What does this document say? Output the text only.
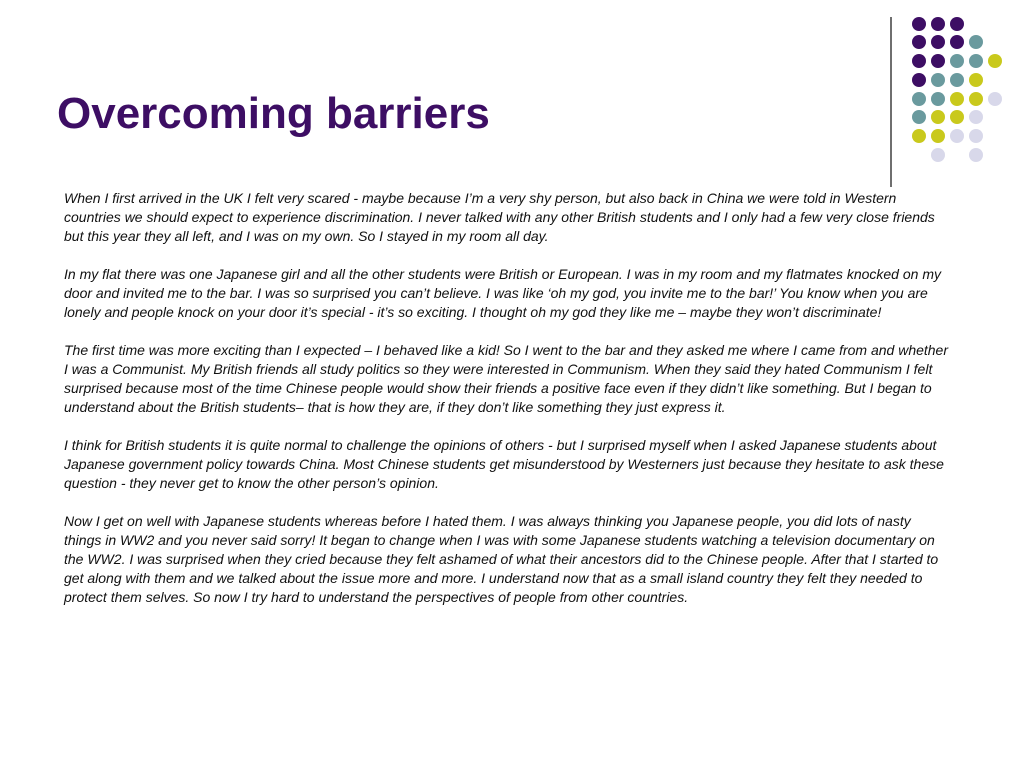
Overcoming barriers

When I first arrived in the UK I felt very scared - maybe because I’m a very shy person, but also back in China we were told in Western countries we should expect to experience discrimination. I never talked with any other British students and I only had a few very close friends but this year they all left, and I was on my own. So I stayed in my room all day.

In my flat there was one Japanese girl and all the other students were British or European. I was in my room and my flatmates knocked on my door and invited me to the bar. I was so surprised you can’t believe. I was like ‘oh my god, you invite me to the bar!’ You know when you are lonely and people knock on your door it’s special - it’s so exciting. I thought oh my god they like me – maybe they won’t discriminate!

The first time was more exciting than I expected – I behaved like a kid! So I went to the bar and they asked me where I came from and whether I was a Communist. My British friends all study politics so they were interested in Communism. When they said they hated Communism I felt surprised because most of the time Chinese people would show their friends a positive face even if they didn’t like something. But I began to understand about the British students– that is how they are, if they don’t like something they just express it.

I think for British students it is quite normal to challenge the opinions of others - but I surprised myself when I asked Japanese students about Japanese government policy towards China. Most Chinese students get misunderstood by Westerners just because they hesitate to ask these question - they never get to know the other person’s opinion.

Now I get on well with Japanese students whereas before I hated them. I was always thinking you Japanese people, you did lots of nasty things in WW2 and you never said sorry! It began to change when I was with some Japanese students watching a television documentary on the WW2. I was surprised when they cried because they felt ashamed of what their ancestors did to the Chinese people. After that I started to get along with them and we talked about the issue more and more. I understand now that as a small island country they felt they needed to protect them selves. So now I try hard to understand the perspectives of people from other countries.
